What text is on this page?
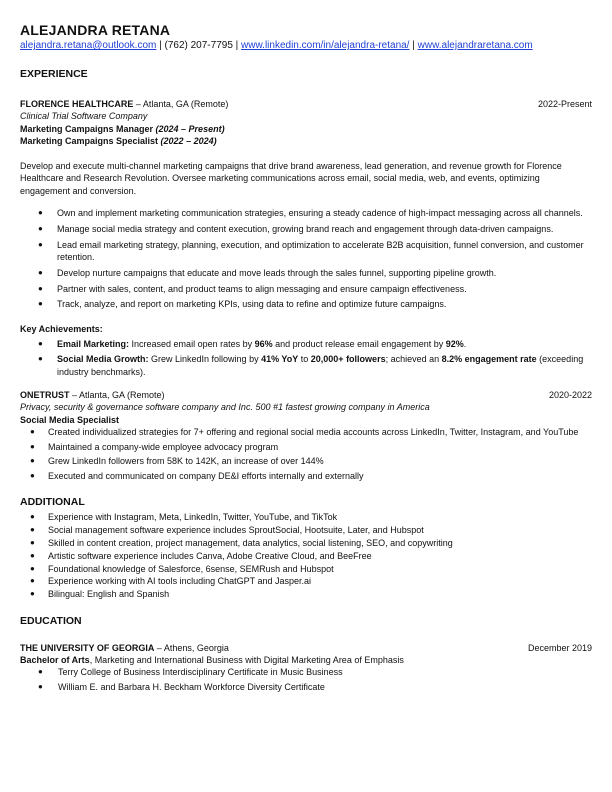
ALEJANDRA RETANA
alejandra.retana@outlook.com | (762) 207-7795 | www.linkedin.com/in/alejandra-retana/ | www.alejandraretana.com
EXPERIENCE
FLORENCE HEALTHCARE – Atlanta, GA (Remote)	2022-Present
Clinical Trial Software Company
Marketing Campaigns Manager (2024 – Present)
Marketing Campaigns Specialist (2022 – 2024)
Develop and execute multi-channel marketing campaigns that drive brand awareness, lead generation, and revenue growth for Florence Healthcare and Research Revolution. Oversee marketing communications across email, social media, web, and events, optimizing engagement and conversion.
● Own and implement marketing communication strategies, ensuring a steady cadence of high-impact messaging across all channels.
● Manage social media strategy and content execution, growing brand reach and engagement through data-driven campaigns.
● Lead email marketing strategy, planning, execution, and optimization to accelerate B2B acquisition, funnel conversion, and customer retention.
● Develop nurture campaigns that educate and move leads through the sales funnel, supporting pipeline growth.
● Partner with sales, content, and product teams to align messaging and ensure campaign effectiveness.
● Track, analyze, and report on marketing KPIs, using data to refine and optimize future campaigns.
Key Achievements:
● Email Marketing: Increased email open rates by 96% and product release email engagement by 92%.
● Social Media Growth: Grew LinkedIn following by 41% YoY to 20,000+ followers; achieved an 8.2% engagement rate (exceeding industry benchmarks).
ONETRUST – Atlanta, GA (Remote)	2020-2022
Privacy, security & governance software company and Inc. 500 #1 fastest growing company in America
Social Media Specialist
● Created individualized strategies for 7+ offering and regional social media accounts across LinkedIn, Twitter, Instagram, and YouTube
● Maintained a company-wide employee advocacy program
● Grew LinkedIn followers from 58K to 142K, an increase of over 144%
● Executed and communicated on company DE&I efforts internally and externally
ADDITIONAL
● Experience with Instagram, Meta, LinkedIn, Twitter, YouTube, and TikTok
● Social management software experience includes SproutSocial, Hootsuite, Later, and Hubspot
● Skilled in content creation, project management, data analytics, social listening, SEO, and copywriting
● Artistic software experience includes Canva, Adobe Creative Cloud, and BeeFree
● Foundational knowledge of Salesforce, 6sense, SEMRush and Hubspot
● Experience working with AI tools including ChatGPT and Jasper.ai
● Bilingual: English and Spanish
EDUCATION
THE UNIVERSITY OF GEORGIA – Athens, Georgia	December 2019
Bachelor of Arts, Marketing and International Business with Digital Marketing Area of Emphasis
● Terry College of Business Interdisciplinary Certificate in Music Business
● William E. and Barbara H. Beckham Workforce Diversity Certificate
